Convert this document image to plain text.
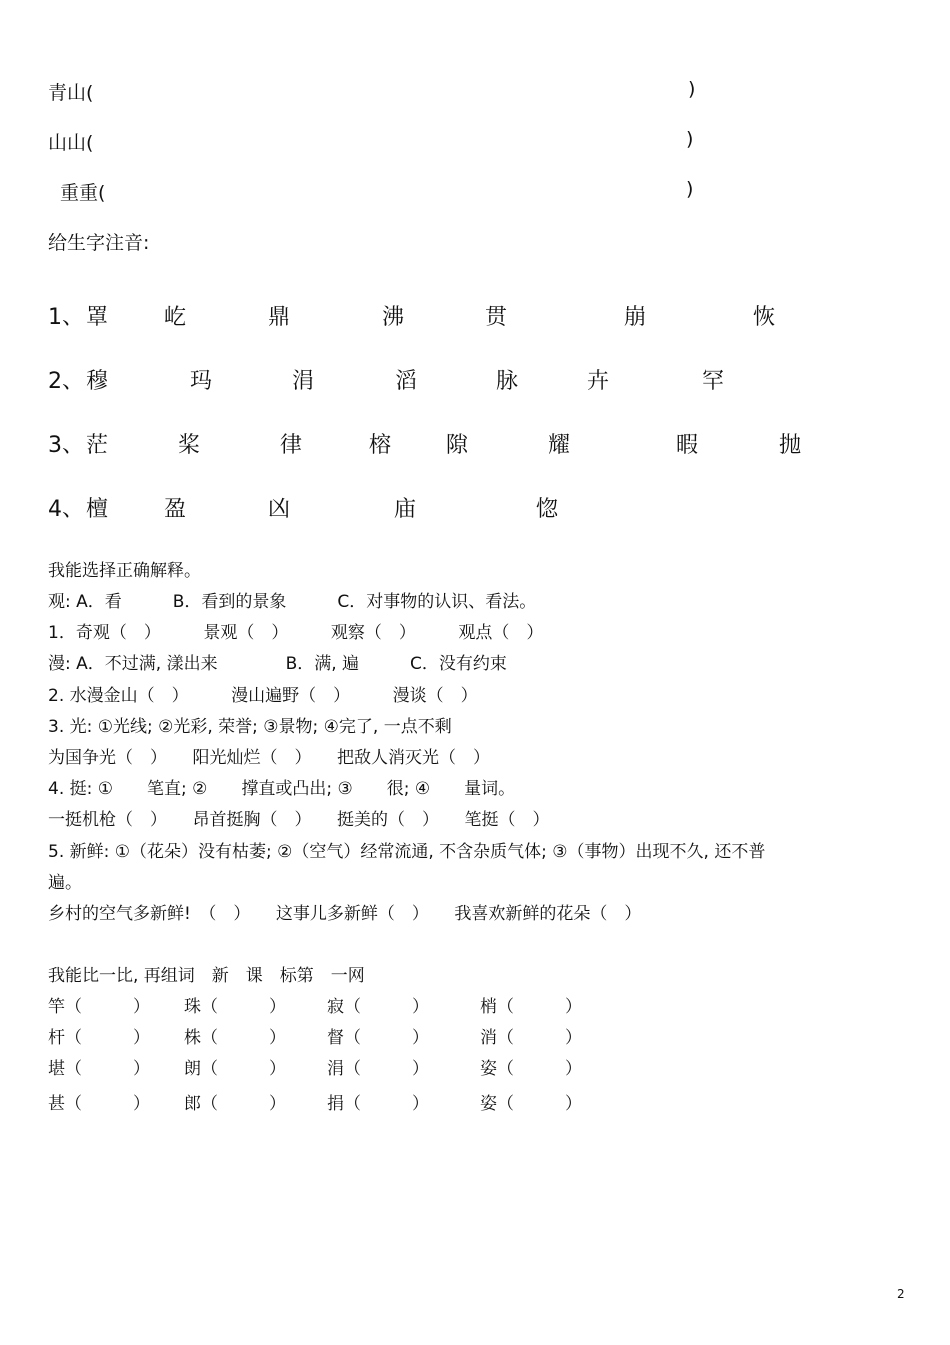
青山(	)
山山(	)
重重(	)
给生字注音:
1、 罩	屹	鼎	沸	贯	崩	恢
2、 穆	玛	涓	滔	脉	卉	罕
3、 茫	桨	律	榕 隙	耀	暇	抛
4、 檀	盈	凶	庙	惚
我能选择正确解释。
观: A．看　　　B．看到的景象　　　C．对事物的认识、看法。
1．奇观（　）　　　景观（　）　　　观察（　）　　　观点（　）
漫: A．不过满, 漾出来　　　　B．满, 遍　　　C．没有约束
2. 水漫金山（　）　　　漫山遍野（　）　　　漫谈（　）
3. 光: ①光线; ②光彩, 荣誉; ③景物; ④完了, 一点不剩
为国争光（　）　　阳光灿烂（　）　　把敌人消灭光（　）
4. 挺: ①　　笔直; ②　　撑直或凸出; ③　　很; ④　　量词。
一挺机枪（　）　　昂首挺胸（　）　　挺美的（　）　　笔挺（　）
5. 新鲜: ①（花朵）没有枯萎; ②（空气）经常流通, 不含杂质气体; ③（事物）出现不久, 还不普
遍。
乡村的空气多新鲜!　（　）　　这事儿多新鲜（　）　　我喜欢新鲜的花朵（　）
我能比一比, 再组词　新　课　标第　一网
竿（　　　） 珠（　　　） 寂（　　　）	梢（　　　）
杆（　　　） 株（　　　） 督（　　　）	消（　　　）
堪（　　　） 朗（　　　） 涓（　　　）	姿（　　　）
甚（　　　） 郎（　　　） 捐（　　　）	姿（　　　）
2
